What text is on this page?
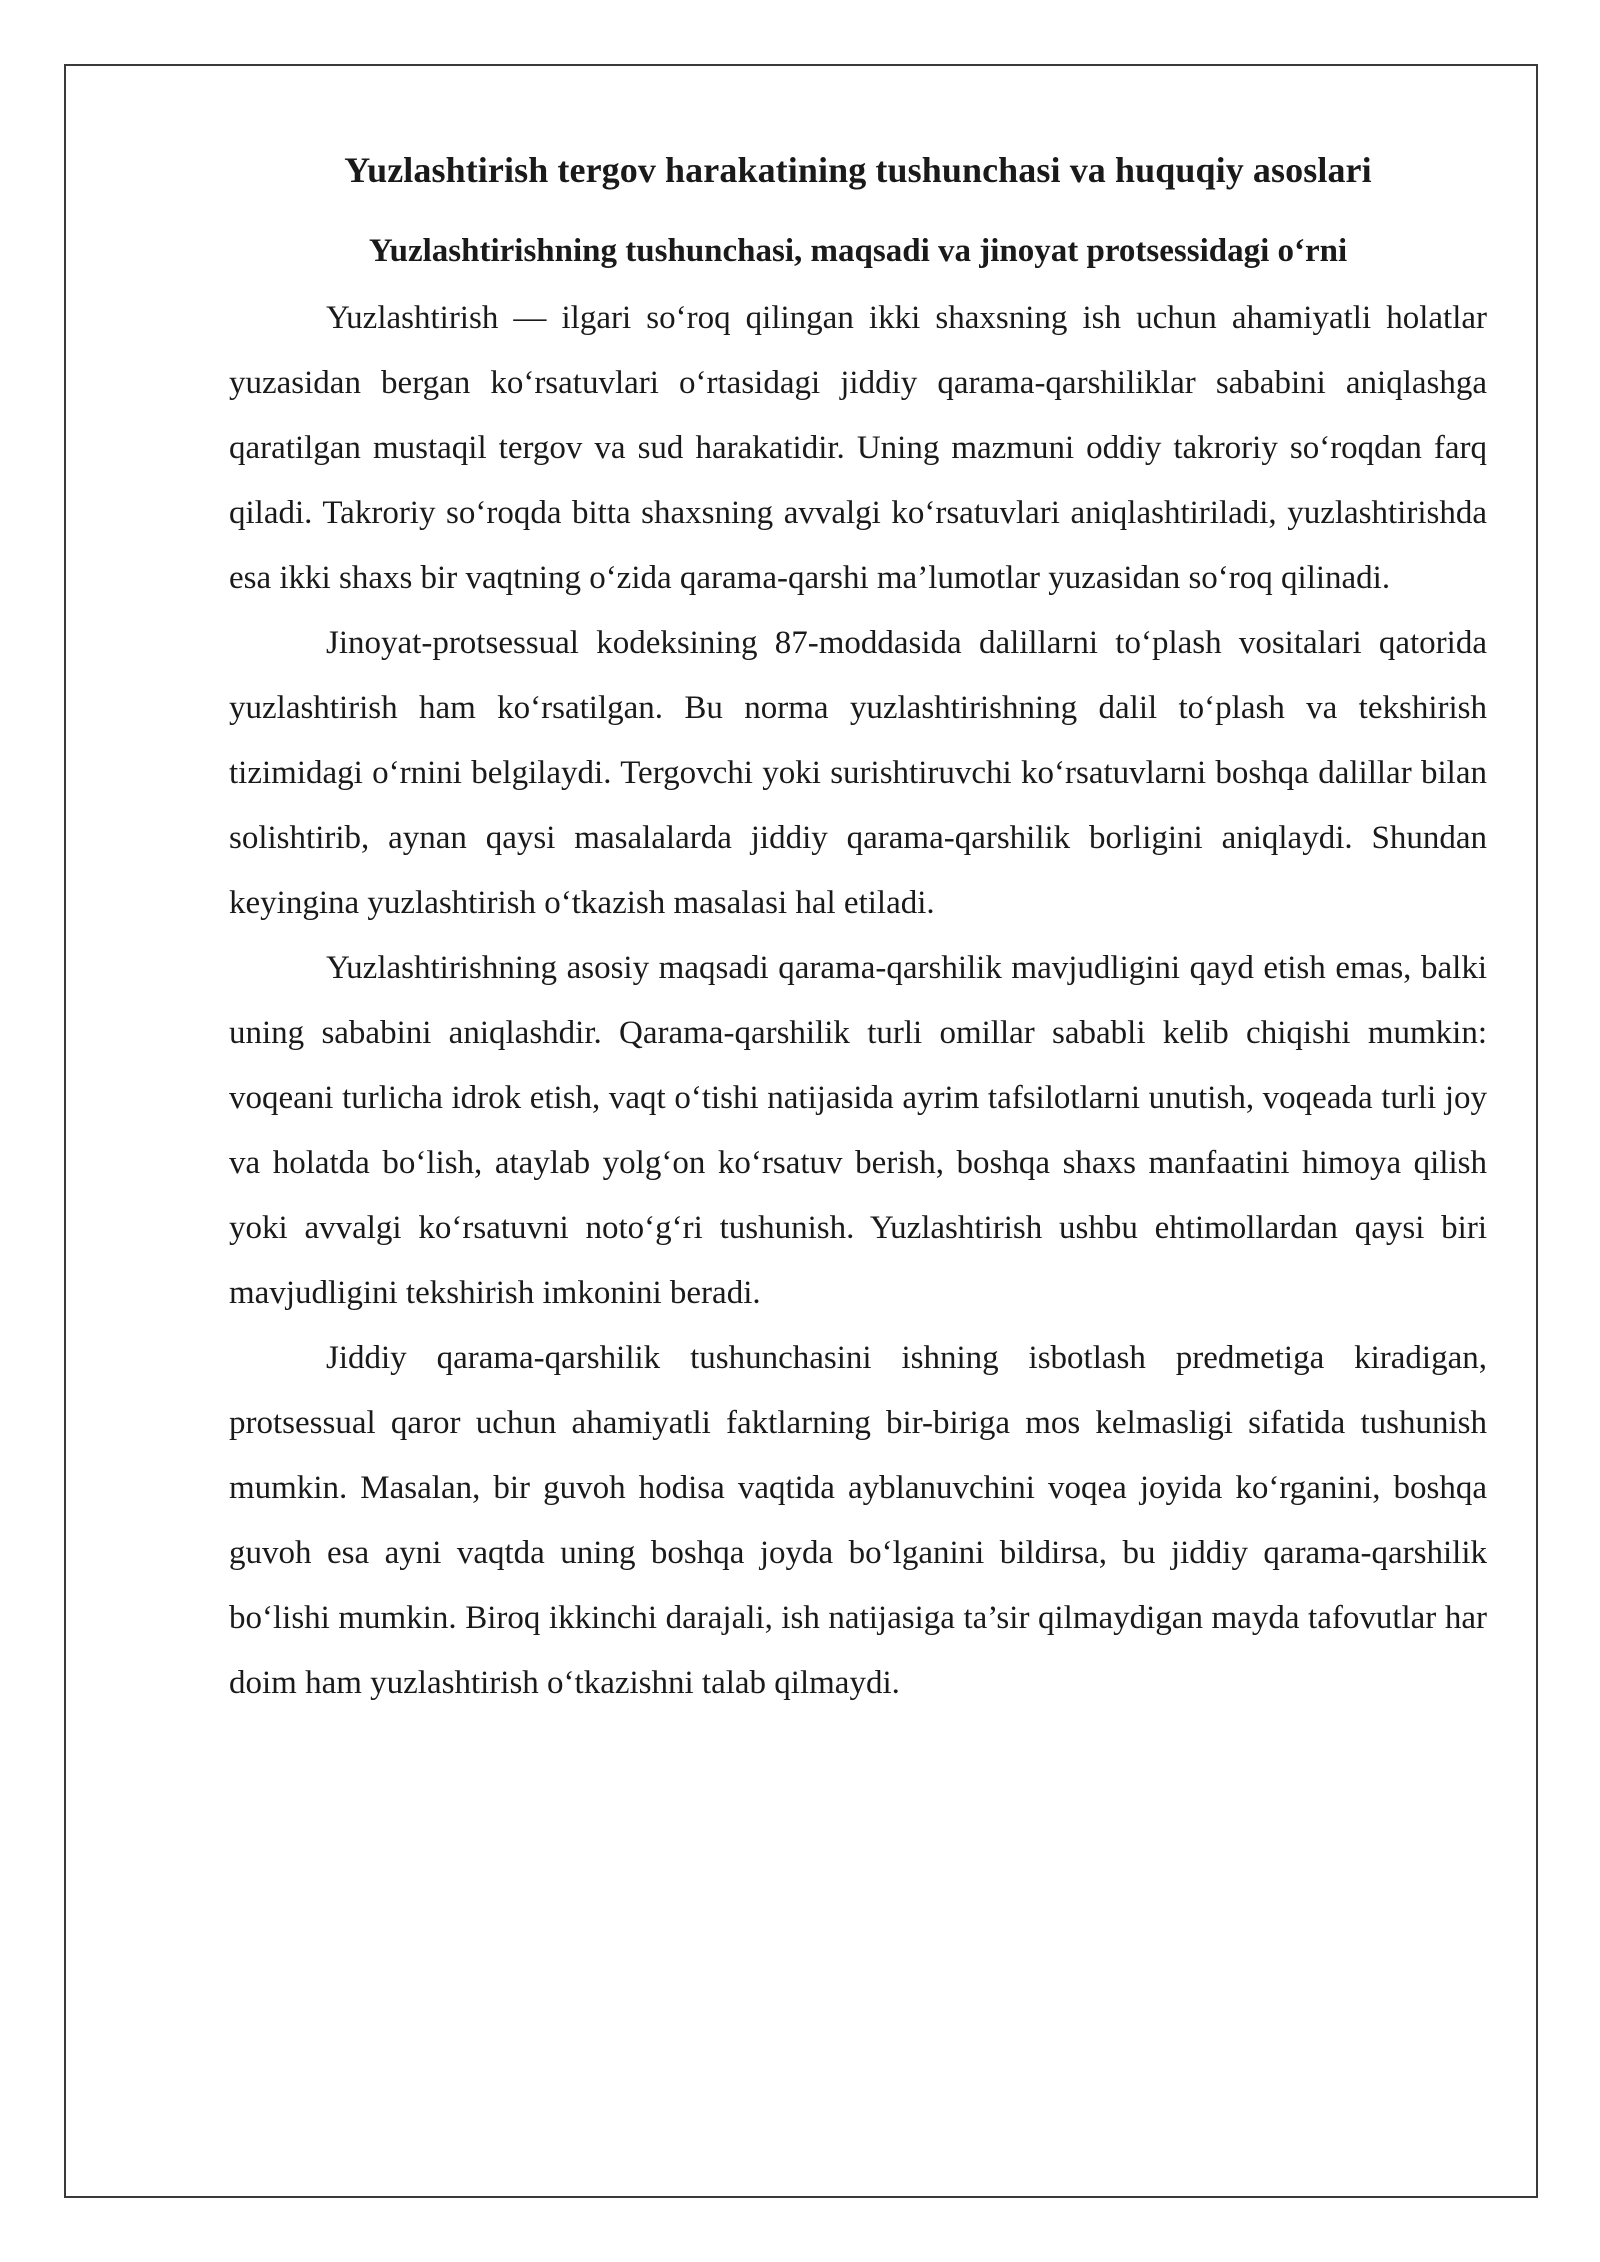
Yuzlashtirish tergov harakatining tushunchasi va huquqiy asoslari
Yuzlashtirishning tushunchasi, maqsadi va jinoyat protsessidagi o‘rni

Yuzlashtirish — ilgari so‘roq qilingan ikki shaxsning ish uchun ahamiyatli holatlar yuzasidan bergan ko‘rsatuvlari o‘rtasidagi jiddiy qarama-qarshiliklar sababini aniqlashga qaratilgan mustaqil tergov va sud harakatidir. Uning mazmuni oddiy takroriy so‘roqdan farq qiladi. Takroriy so‘roqda bitta shaxsning avvalgi ko‘rsatuvlari aniqlashtiriladi, yuzlashtirishda esa ikki shaxs bir vaqtning o‘zida qarama-qarshi ma’lumotlar yuzasidan so‘roq qilinadi.

Jinoyat-protsessual kodeksining 87-moddasida dalillarni to‘plash vositalari qatorida yuzlashtirish ham ko‘rsatilgan. Bu norma yuzlashtirishning dalil to‘plash va tekshirish tizimidagi o‘rnini belgilaydi. Tergovchi yoki surishtiruvchi ko‘rsatuvlarni boshqa dalillar bilan solishtirib, aynan qaysi masalalarda jiddiy qarama-qarshilik borligini aniqlaydi. Shundan keyingina yuzlashtirish o‘tkazish masalasi hal etiladi.

Yuzlashtirishning asosiy maqsadi qarama-qarshilik mavjudligini qayd etish emas, balki uning sababini aniqlashdir. Qarama-qarshilik turli omillar sababli kelib chiqishi mumkin: voqeani turlicha idrok etish, vaqt o‘tishi natijasida ayrim tafsilotlarni unutish, voqeada turli joy va holatda bo‘lish, ataylab yolg‘on ko‘rsatuv berish, boshqa shaxs manfaatini himoya qilish yoki avvalgi ko‘rsatuvni noto‘g‘ri tushunish. Yuzlashtirish ushbu ehtimollardan qaysi biri mavjudligini tekshirish imkonini beradi.

Jiddiy qarama-qarshilik tushunchasini ishning isbotlash predmetiga kiradigan, protsessual qaror uchun ahamiyatli faktlarning bir-biriga mos kelmasligi sifatida tushunish mumkin. Masalan, bir guvoh hodisa vaqtida ayblanuvchini voqea joyida ko‘rganini, boshqa guvoh esa ayni vaqtda uning boshqa joyda bo‘lganini bildirsa, bu jiddiy qarama-qarshilik bo‘lishi mumkin. Biroq ikkinchi darajali, ish natijasiga ta’sir qilmaydigan mayda tafovutlar har doim ham yuzlashtirish o‘tkazishni talab qilmaydi.
